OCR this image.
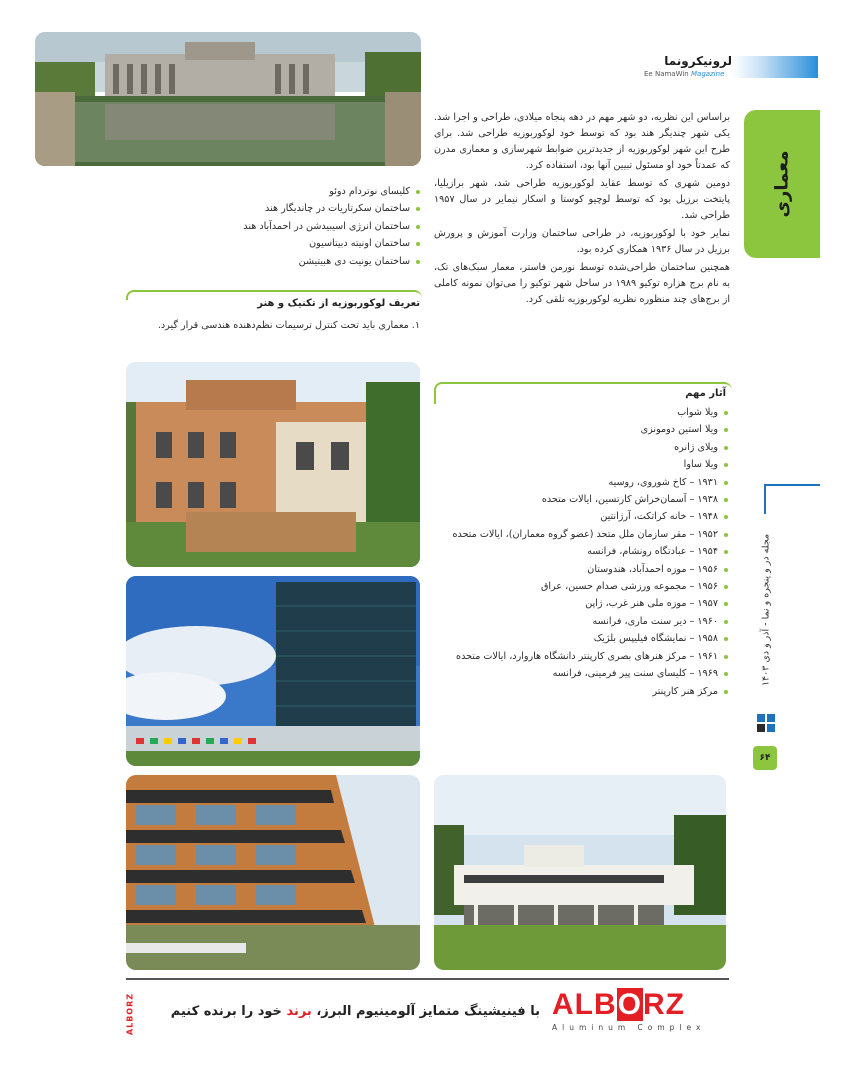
لرونیکرو‌نما
Ee NamaWin Magazine
معماری
مجله در و پنجره و نما - آذر و دی ۱۴۰۳
۶۴

براساس این نظریه، دو شهر مهم در دهه پنجاه میلادی، طراحی و اجرا شد. یکی شهر چندیگر هند بود که توسط خود لوکوربوزیه طراحی شد. برای طرح این شهر لوکوربوزیه از جدیدترین ضوابط شهرسازی و معماری مدرن که عمدتاً خود او مسئول تبیین آنها بود، استفاده کرد.

دومین شهری که توسط عقاید لوکوربوزیه طراحی شد، شهر برازیلیا، پایتخت برزیل بود که توسط لوچیو کوستا و اسکار نیمایر در سال ۱۹۵۷ طراحی شد.

نمایر خود با لوکوربوزیه، در طراحی ساختمان وزارت آموزش و پرورش برزیل در سال ۱۹۳۶ همکاری کرده بود.

همچنین ساختمان طراحی‌شده توسط نورمن فاستر، معمار سبک‌های تک، به نام برج هزاره توکیو ۱۹۸۹ در ساحل شهر توکیو را می‌توان نمونه کاملی از برج‌های چند منظوره نظریه لوکوربوزیه تلقی کرد.

کلیسای نوتردام دوئو
ساختمان سکرتاریات در چاندیگار هند
ساختمان انرژی اسیبیدشن در احمدآباد هند
ساختمان اونیته دبیتاسیون
ساختمان یونیت دی هبیتیشن
تعریف لوکوربوزیه از تکنیک و هنر
۱. معماری باید تحت کنترل ترسیمات نظم‌دهنده هندسی قرار گیرد.
آثار مهم
ویلا شواب
ویلا استین دومونزی
ویلای ژانره
ویلا ساوا
۱۹۳۱ – کاخ شوروی، روسیه
۱۹۳۸ – آسمان‌خراش کارتسین، ایالات متحده
۱۹۴۸ – خانه کراتکت، آرژانتین
۱۹۵۲ – مقر سازمان ملل متحد (عضو گروه معماران)، ایالات متحده
۱۹۵۴ – عبادتگاه رونشام، فرانسه
۱۹۵۶ – موزه احمدآباد، هندوستان
۱۹۵۶ – مجموعه ورزشی صدام حسین، عراق
۱۹۵۷ – موزه ملی هنر غرب، ژاپن
۱۹۶۰ – دیر سنت ماری، فرانسه
۱۹۵۸ – نمایشگاه فیلیپس بلژیک
۱۹۶۱ – مرکز هنرهای بصری کارپنتر دانشگاه هاروارد، ایالات متحده
۱۹۶۹ – کلیسای سنت پیر فرمینی، فرانسه
مرکز هنر کارپنتر
ALBORZ	با فینیشینگ متمایز آلومینیوم البرز، برند خود را برنده کنیم	ALBORZ
Aluminum Complex
